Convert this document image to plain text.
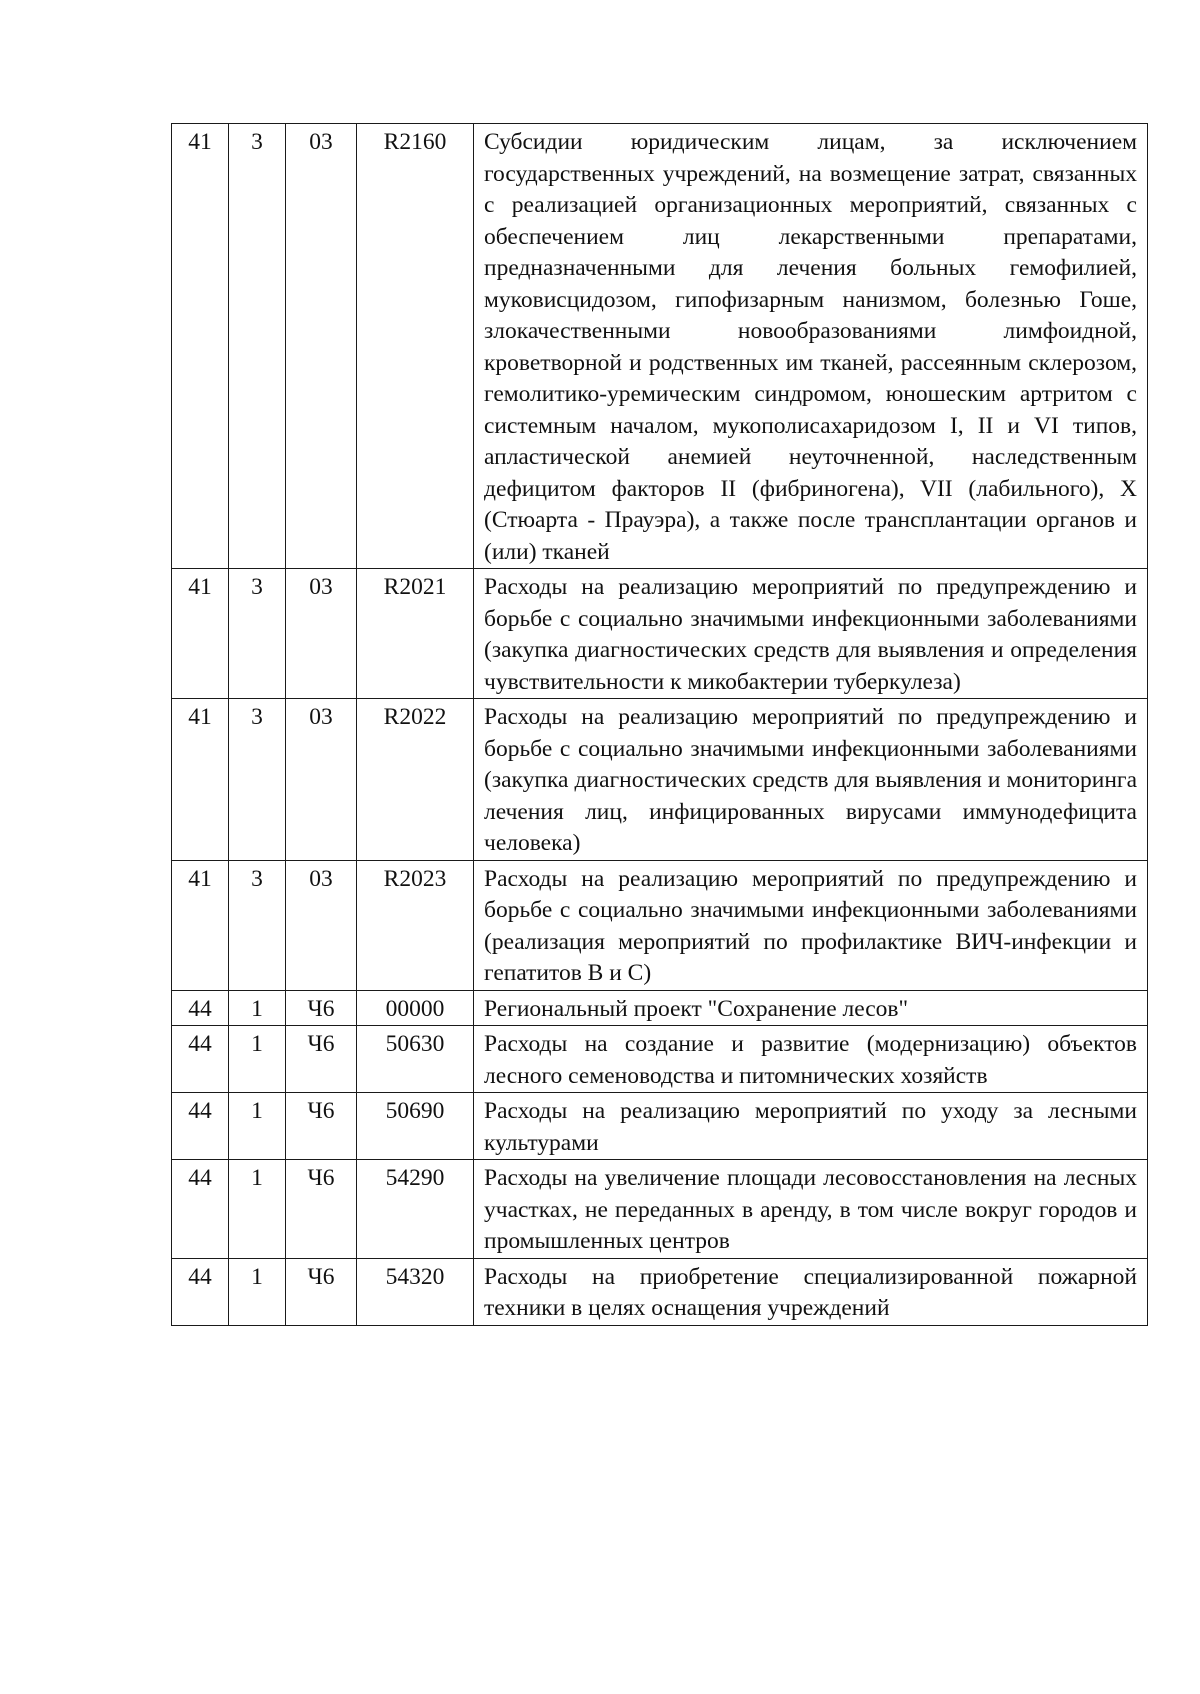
41	3	03	R2160	Субсидии юридическим лицам, за исключением государственных учреждений, на возмещение затрат, связанных с реализацией организационных мероприятий, связанных с обеспечением лиц лекарственными препаратами, предназначенными для лечения больных гемофилией, муковисцидозом, гипофизарным нанизмом, болезнью Гоше, злокачественными новообразованиями лимфоидной, кроветворной и родственных им тканей, рассеянным склерозом, гемолитико-уремическим синдромом, юношеским артритом с системным началом, мукополисахаридозом I, II и VI типов, апластической анемией неуточненной, наследственным дефицитом факторов II (фибриногена), VII (лабильного), X (Стюарта - Прауэра), а также после трансплантации органов и (или) тканей
41	3	03	R2021	Расходы на реализацию мероприятий по предупреждению и борьбе с социально значимыми инфекционными заболеваниями (закупка диагностических средств для выявления и определения чувствительности к микобактерии туберкулеза)
41	3	03	R2022	Расходы на реализацию мероприятий по предупреждению и борьбе с социально значимыми инфекционными заболеваниями (закупка диагностических средств для выявления и мониторинга лечения лиц, инфицированных вирусами иммунодефицита человека)
41	3	03	R2023	Расходы на реализацию мероприятий по предупреждению и борьбе с социально значимыми инфекционными заболеваниями (реализация мероприятий по профилактике ВИЧ-инфекции и гепатитов В и С)
44	1	Ч6	00000	Региональный проект "Сохранение лесов"
44	1	Ч6	50630	Расходы на создание и развитие (модернизацию) объектов лесного семеноводства и питомнических хозяйств
44	1	Ч6	50690	Расходы на реализацию мероприятий по уходу за лесными культурами
44	1	Ч6	54290	Расходы на увеличение площади лесовосстановления на лесных участках, не переданных в аренду, в том числе вокруг городов и промышленных центров
44	1	Ч6	54320	Расходы на приобретение специализированной пожарной техники в целях оснащения учреждений
